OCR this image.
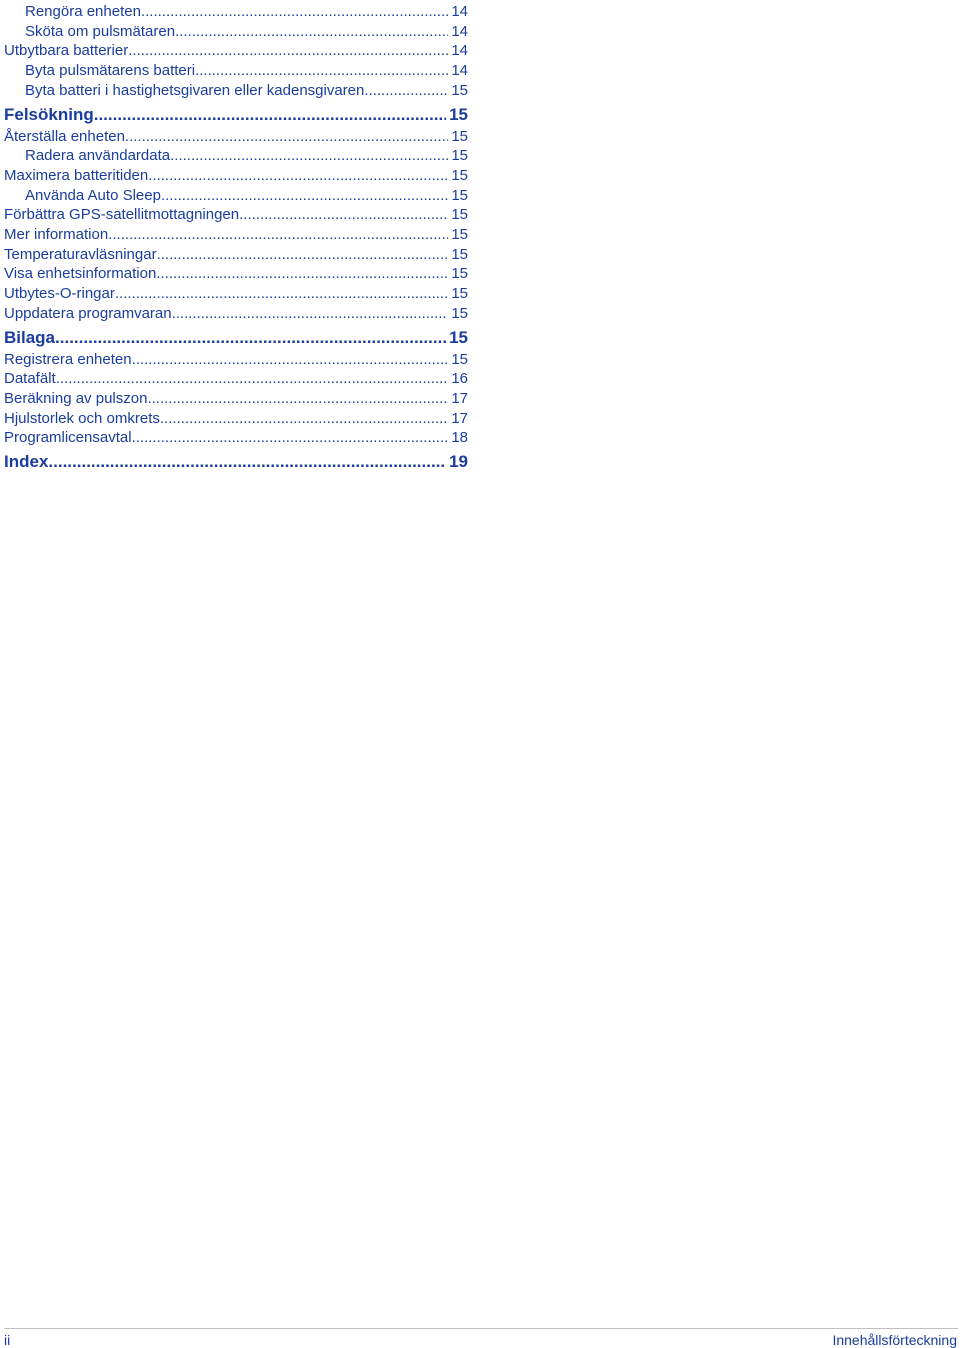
Rengöra enheten .....	14
Sköta om pulsmätaren .....	14
Utbytbara batterier .....	14
Byta pulsmätarens batteri .....	14
Byta batteri i hastighetsgivaren eller kadensgivaren .....	15
Felsökning .....	15
Återställa enheten .....	15
Radera användardata .....	15
Maximera batteritiden .....	15
Använda Auto Sleep .....	15
Förbättra GPS-satellitmottagningen .....	15
Mer information .....	15
Temperaturavläsningar .....	15
Visa enhetsinformation .....	15
Utbytes-O-ringar .....	15
Uppdatera programvaran .....	15
Bilaga .....	15
Registrera enheten .....	15
Datafält .....	16
Beräkning av pulszon .....	17
Hjulstorlek och omkrets .....	17
Programlicensavtal .....	18
Index .....	19
ii	Innehållsförteckning
